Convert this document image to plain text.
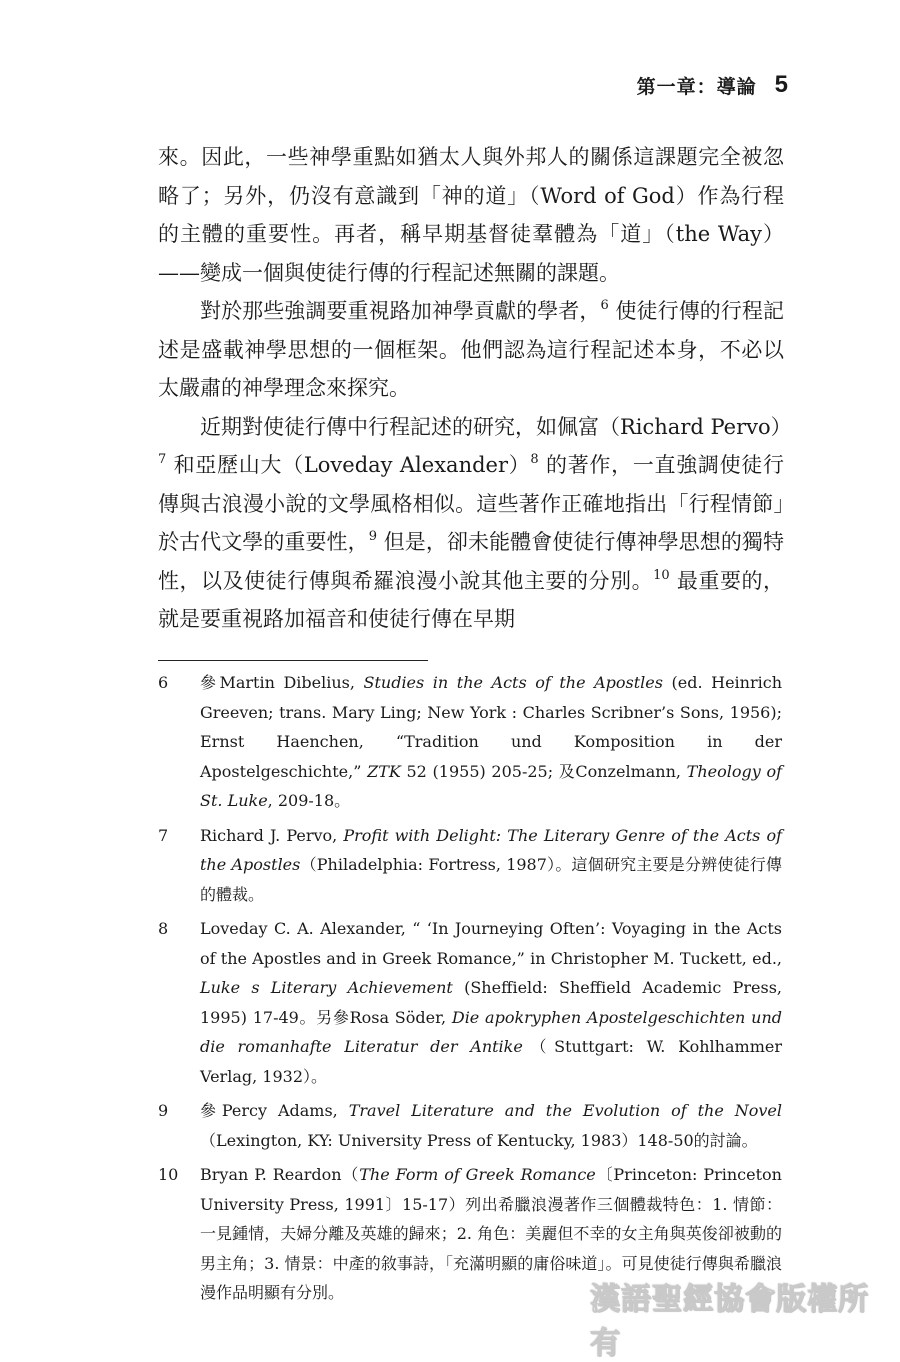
第一章：導論 5

來。因此，一些神學重點如猶太人與外邦人的關係這課題完全被忽略了；另外，仍沒有意識到「神的道」（Word of God）作為行程的主體的重要性。再者，稱早期基督徒羣體為「道」（the Way）——變成一個與使徒行傳的行程記述無關的課題。

對於那些強調要重視路加神學貢獻的學者，$^6$ 使徒行傳的行程記述是盛載神學思想的一個框架。他們認為這行程記述本身，不必以太嚴肅的神學理念來探究。

近期對使徒行傳中行程記述的研究，如佩富（Richard Pervo）$^7$ 和亞歷山大（Loveday Alexander）$^8$ 的著作，一直強調使徒行傳與古浪漫小說的文學風格相似。這些著作正確地指出「行程情節」於古代文學的重要性，$^9$ 但是，卻未能體會使徒行傳神學思想的獨特性，以及使徒行傳與希羅浪漫小說其他主要的分別。$^{10}$ 最重要的，就是要重視路加福音和使徒行傳在早期

6	參Martin Dibelius, Studies in the Acts of the Apostles (ed. Heinrich Greeven; trans. Mary Ling; New York : Charles Scribner’s Sons, 1956); Ernst Haenchen, “Tradition und Komposition in der Apostelgeschichte,” ZTK 52 (1955) 205-25; 及Conzelmann, Theology of St. Luke, 209-18。
7	Richard J. Pervo, Profit with Delight: The Literary Genre of the Acts of the Apostles（Philadelphia: Fortress, 1987）。這個研究主要是分辨使徒行傳的體裁。
8	Loveday C. A. Alexander, “ ‘In Journeying Often’: Voyaging in the Acts of the Apostles and in Greek Romance,” in Christopher M. Tuckett, ed., Luke s Literary Achievement (Sheffield: Sheffield Academic Press, 1995) 17-49。另參Rosa Söder, Die apokryphen Apostelgeschichten und die romanhafte Literatur der Antike（Stuttgart: W. Kohlhammer Verlag, 1932）。
9	參Percy Adams, Travel Literature and the Evolution of the Novel（Lexington, KY: University Press of Kentucky, 1983）148-50的討論。
10	Bryan P. Reardon（The Form of Greek Romance〔Princeton: Princeton University Press, 1991〕15-17）列出希臘浪漫著作三個體裁特色：1. 情節：一見鍾情，夫婦分離及英雄的歸來；2. 角色：美麗但不幸的女主角與英俊卻被動的男主角；3. 情景：中產的敘事詩，「充滿明顯的庸俗味道」。可見使徒行傳與希臘浪漫作品明顯有分別。	漢語聖經協會版權所有
